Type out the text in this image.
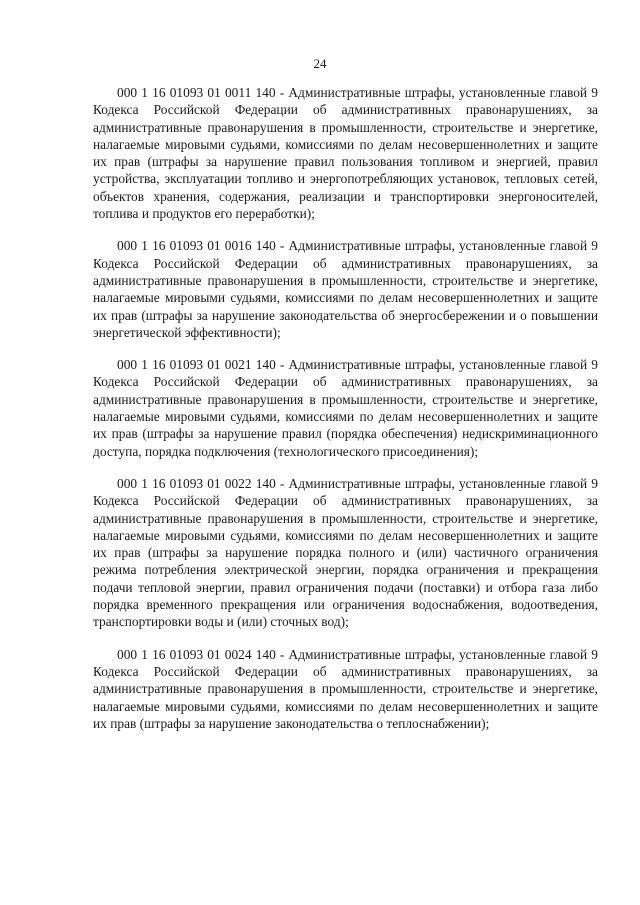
24

000 1 16 01093 01 0011 140 - Административные штрафы, установленные главой 9 Кодекса Российской Федерации об административных правонарушениях, за административные правонарушения в промышленности, строительстве и энергетике, налагаемые мировыми судьями, комиссиями по делам несовершеннолетних и защите их прав (штрафы за нарушение правил пользования топливом и энергией, правил устройства, эксплуатации топливо и энергопотребляющих установок, тепловых сетей, объектов хранения, содержания, реализации и транспортировки энергоносителей, топлива и продуктов его переработки);

000 1 16 01093 01 0016 140 - Административные штрафы, установленные главой 9 Кодекса Российской Федерации об административных правонарушениях, за административные правонарушения в промышленности, строительстве и энергетике, налагаемые мировыми судьями, комиссиями по делам несовершеннолетних и защите их прав (штрафы за нарушение законодательства об энергосбережении и о повышении энергетической эффективности);

000 1 16 01093 01 0021 140 - Административные штрафы, установленные главой 9 Кодекса Российской Федерации об административных правонарушениях, за административные правонарушения в промышленности, строительстве и энергетике, налагаемые мировыми судьями, комиссиями по делам несовершеннолетних и защите их прав (штрафы за нарушение правил (порядка обеспечения) недискриминационного доступа, порядка подключения (технологического присоединения);

000 1 16 01093 01 0022 140 - Административные штрафы, установленные главой 9 Кодекса Российской Федерации об административных правонарушениях, за административные правонарушения в промышленности, строительстве и энергетике, налагаемые мировыми судьями, комиссиями по делам несовершеннолетних и защите их прав (штрафы за нарушение порядка полного и (или) частичного ограничения режима потребления электрической энергии, порядка ограничения и прекращения подачи тепловой энергии, правил ограничения подачи (поставки) и отбора газа либо порядка временного прекращения или ограничения водоснабжения, водоотведения, транспортировки воды и (или) сточных вод);

000 1 16 01093 01 0024 140 - Административные штрафы, установленные главой 9 Кодекса Российской Федерации об административных правонарушениях, за административные правонарушения в промышленности, строительстве и энергетике, налагаемые мировыми судьями, комиссиями по делам несовершеннолетних и защите их прав (штрафы за нарушение законодательства о теплоснабжении);
